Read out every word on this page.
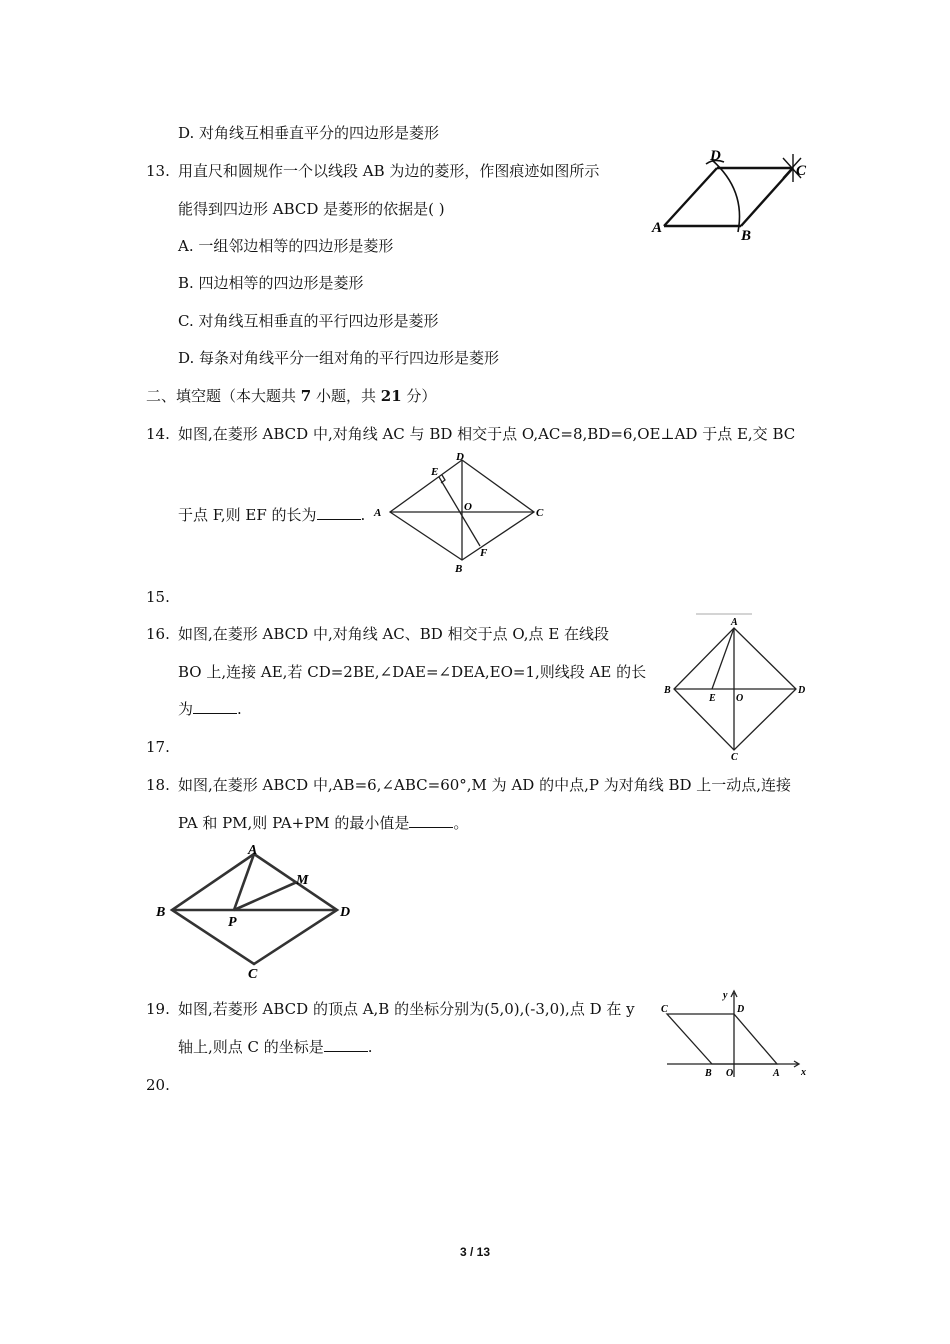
D. 对角线互相垂直平分的四边形是菱形
13. 用直尺和圆规作一个以线段 AB 为边的菱形，作图痕迹如图所示
能得到四边形 ABCD 是菱形的依据是( )
A. 一组邻边相等的四边形是菱形
B. 四边相等的四边形是菱形
C. 对角线互相垂直的平行四边形是菱形
D. 每条对角线平分一组对角的平行四边形是菱形
A	B
D
C
二、填空题（本大题共 7 小题，共 21 分）
14. 如图,在菱形 ABCD 中,对角线 AC 与 BD 相交于点 O,AC=8,BD=6,OE⊥AD 于点 E,交 BC
于点 F,则 EF 的长为	. A
B
C
D
E
F
O
15.
16. 如图,在菱形 ABCD 中,对角线 AC、BD 相交于点 O,点 E 在线段
BO 上,连接 AE,若 CD=2BE,∠DAE=∠DEA,EO=1,则线段 AE 的长
为	.
A
B
C
D
E O
17.
18. 如图,在菱形 ABCD 中,AB=6,∠ABC=60°,M 为 AD 的中点,P 为对角线 BD 上一动点,连接
PA 和 PM,则 PA+PM 的最小值是	。
A
B
C
D
M
P
19. 如图,若菱形 ABCD 的顶点 A,B 的坐标分别为(5,0),(-3,0),点 D 在 y
轴上,则点 C 的坐标是	.
y
x
C	D
B O	A
20.
3 / 13
